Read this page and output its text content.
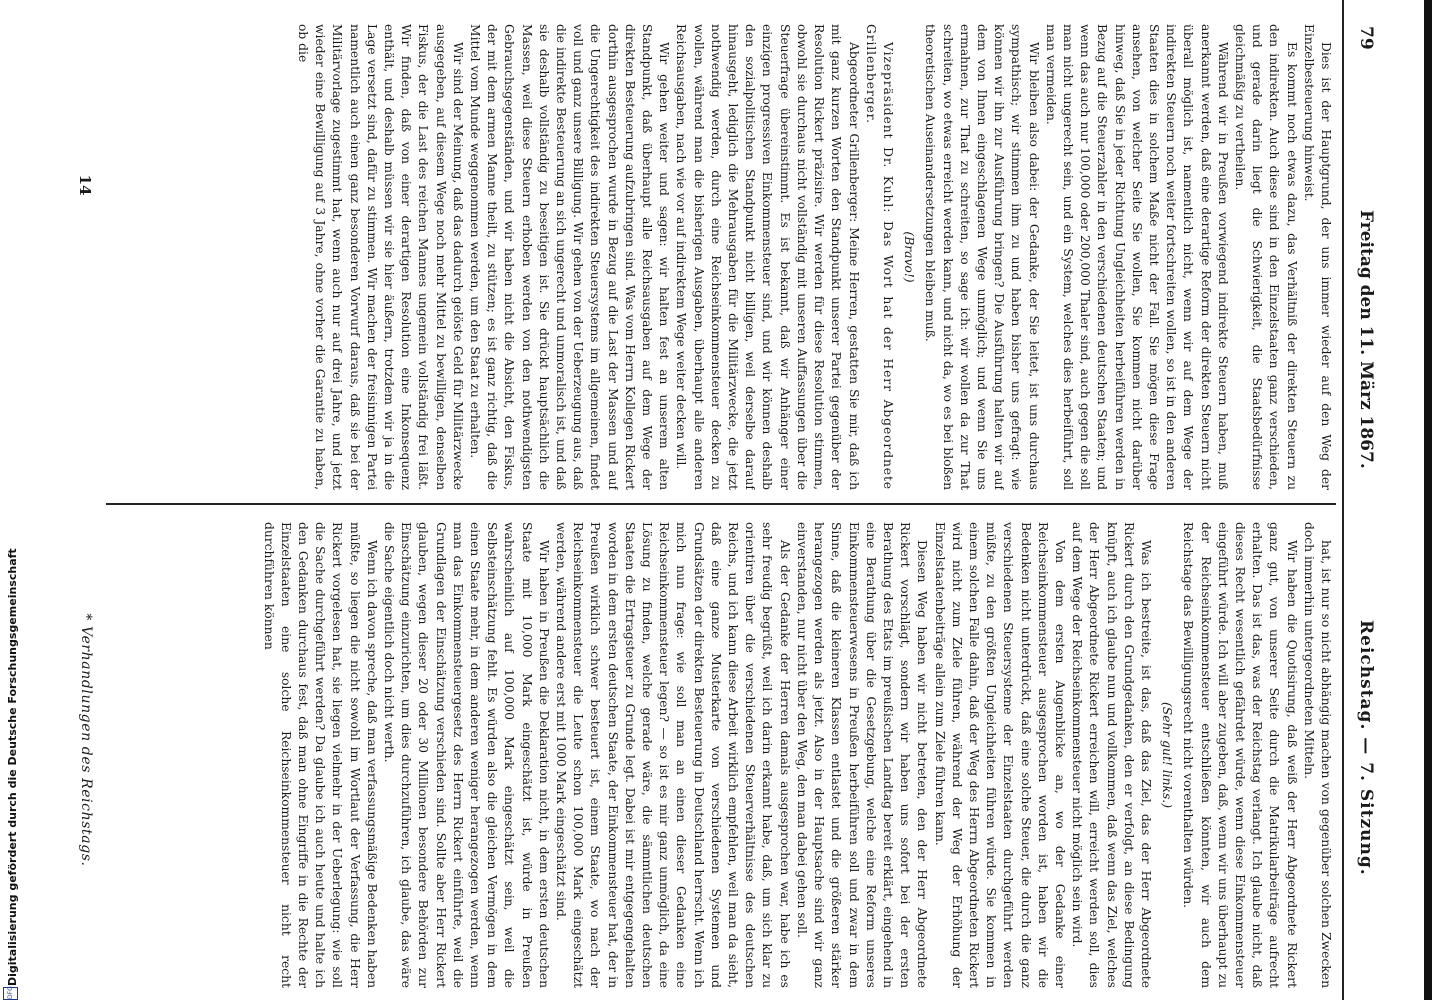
79
Freitag den 11. März 1867.
Reichstag. — 7. Sitzung.

Dies ist der Hauptgrund, der uns immer wieder auf den Weg der Einzelbesteuerung hinweist.

Es kommt noch etwas dazu, das Verhältniß der direkten Steuern zu den indirekten. Auch diese sind in den Einzelstaaten ganz verschieden, und gerade darin liegt die Schwierigkeit, die Staatsbedürfnisse gleichmäßig zu vertheilen.

Während wir in Preußen vorwiegend indirekte Steuern haben, muß anerkannt werden, daß eine derartige Reform der direkten Steuern nicht überall möglich ist, namentlich nicht, wenn wir auf dem Wege der indirekten Steuern noch weiter fortschreiten wollen, so ist in den anderen Staaten dies in solchem Maße nicht der Fall. Sie mögen diese Frage ansehen, von welcher Seite Sie wollen, Sie kommen nicht darüber hinweg, daß Sie in jeder Richtung Ungleichheiten herbeiführen werden in Bezug auf die Steuerzahler in den verschiedenen deutschen Staaten; und wenn das auch nur 100,000 oder 200,000 Thaler sind, auch gegen die soll man nicht ungerecht sein, und ein System, welches dies herbeiführt, soll man vermeiden.

Wir bleiben also dabei: der Gedanke, der Sie leitet, ist uns durchaus sympathisch; wir stimmen ihm zu und haben bisher uns gefragt: wie können wir ihn zur Ausführung bringen? Die Ausführung halten wir auf dem von Ihnen eingeschlagenen Wege unmöglich; und wenn Sie uns ermahnen, zur That zu schreiten, so sage ich: wir wollen da zur That schreiten, wo etwas erreicht werden kann, und nicht da, wo es bei bloßen theoretischen Auseinandersetzungen bleiben muß.

(Bravo!)

Vizepräsident Dr. Kuhl: Das Wort hat der Herr Abgeordnete Grillenberger.

Abgeordneter Grillenberger: Meine Herren, gestatten Sie mir, daß ich mit ganz kurzen Worten den Standpunkt unserer Partei gegenüber der Resolution Rickert präzisire. Wir werden für diese Resolution stimmen, obwohl sie durchaus nicht vollständig mit unseren Auffassungen über die Steuerfrage übereinstimmt. Es ist bekannt, daß wir Anhänger einer einzigen progressiven Einkommensteuer sind, und wir können deshalb den sozialpolitischen Standpunkt nicht billigen, weil derselbe darauf hinausgeht, lediglich die Mehrausgaben für die Militärzwecke, die jetzt nothwendig werden, durch eine Reichseinkommensteuer decken zu wollen, während man die bisherigen Ausgaben, überhaupt alle anderen Reichsausgaben, nach wie vor auf indirektem Wege weiter decken will.

Wir gehen weiter und sagen: wir halten fest an unserem alten Standpunkt, daß überhaupt alle Reichsausgaben auf dem Wege der direkten Besteuerung aufzubringen sind. Was vom Herrn Kollegen Rickert dorthin ausgesprochen wurde in Bezug auf die Last der Massen und auf die Ungerechtigkeit des indirekten Steuersystems im allgemeinen, findet voll und ganz unsere Billigung. Wir gehen von der Ueberzeugung aus, daß die indirekte Besteuerung an sich ungerecht und unmoralisch ist, und daß sie deshalb vollständig zu beseitigen ist. Sie drückt hauptsächlich die Massen, weil diese Steuern erhoben werden von den nothwendigsten Gebrauchsgegenständen, und wir haben nicht die Absicht, den Fiskus, der mit dem armen Manne theilt, zu stützen; es ist ganz richtig, daß die Mittel vom Munde weggenommen werden, um den Staat zu erhalten.

Wir sind der Meinung, daß das dadurch gelöste Geld für Militärzwecke ausgegeben, auf diesem Wege noch mehr Mittel zu bewilligen, denselben Fiskus, der die Last des reichen Mannes ungemein vollständig frei läßt. Wir finden, daß von einer derartigen Resolution eine Inkonsequenz enthält, und deshalb müssen wir sie hier äußern, trotzdem wir ja in die Lage versetzt sind, dafür zu stimmen. Wir machen der freisinnigen Partei namentlich auch einen ganz besonderen Vorwurf daraus, daß sie bei der Militärvorlage zugestimmt hat, wenn auch nur auf drei Jahre, und jetzt wieder eine Bewilligung auf 3 Jahre, ohne vorher die Garantie zu haben, ob die

hat, ist nur so nicht abhängig machen von gegenüber solchen Zwecken doch immerhin untergeordneten Mitteln.

Wir haben die Quotisirung, daß weiß der Herr Abgeordnete Rickert ganz gut, von unserer Seite durch die Matrikularbeiträge aufrecht erhalten. Das ist das, was der Reichstag verlangt. Ich glaube nicht, daß dieses Recht wesentlich gefährdet würde, wenn diese Einkommensteuer eingeführt würde. Ich will aber zugeben, daß, wenn wir uns überhaupt zu der Reichseinkommensteuer entschließen könnten, wir auch dem Reichstage das Bewilligungsrecht nicht vorenthalten würden.

(Sehr gut! links.)

Was ich bestreite, ist das, daß das Ziel, das der Herr Abgeordnete Rickert durch den Grundgedanken, den er verfolgt, an diese Bedingung knüpft, auch ich glaube nun und vollkommen, daß wenn das Ziel, welches der Herr Abgeordnete Rickert erreichen will, erreicht werden soll, dies auf dem Wege der Reichseinkommensteuer nicht möglich sein wird.

Von dem ersten Augenblicke an, wo der Gedanke einer Reichseinkommensteuer ausgesprochen worden ist, haben wir die Bedenken nicht unterdrückt, daß eine solche Steuer, die durch die ganz verschiedenen Steuersysteme der Einzelstaaten durchgeführt werden müßte, zu den größten Ungleichheiten führen würde. Sie kommen in einem solchen Falle dahin, daß der Weg des Herrn Abgeordneten Rickert wird nicht zum Ziele führen, während der Weg der Erhöhung der Einzelstaatenbeiträge allein zum Ziele führen kann.

Diesen Weg haben wir nicht betreten, den der Herr Abgeordnete Rickert vorschlägt, sondern wir haben uns sofort bei der ersten Berathung des Etats im preußischen Landtag bereit erklärt, eingehend in eine Berathung über die Gesetzgebung, welche eine Reform unseres Einkommensteuerwesens in Preußen herbeiführen soll und zwar in dem Sinne, daß die kleineren Klassen entlastet und die größeren stärker herangezogen werden als jetzt. Also in der Hauptsache sind wir ganz einverstanden, nur nicht über den Weg, den man dabei gehen soll.

Als der Gedanke der Herren damals ausgesprochen war, habe ich es sehr freudig begrüßt, weil ich darin erkannt habe, daß, um sich klar zu orientiren über die verschiedenen Steuerverhältnisse des deutschen Reichs, und ich kann diese Arbeit wirklich empfehlen, weil man da sieht, daß eine ganze Musterkarte von verschiedenen Systemen und Grundsätzen der direkten Besteuerung in Deutschland herrscht. Wenn ich mich nun frage: wie soll man an einen dieser Gedanken eine Reichseinkommensteuer legen? — so ist es mir ganz unmöglich, da eine Lösung zu finden, welche gerade wäre, die sämmtlichen deutschen Staaten die Ertragsteuer zu Grunde legt. Dabei ist mir entgegengehalten worden in dem ersten deutschen Staate, der Einkommensteuer hat, der in Preußen wirklich schwer besteuert ist, einem Staate, wo nach der Reichseinkommensteuer die Leute schon 100,000 Mark eingeschätzt werden, während andere erst mit 1000 Mark eingeschätzt sind.

Wir haben in Preußen die Deklaration nicht, in dem ersten deutschen Staate mit 10,000 Mark eingeschätzt ist, würde in Preußen wahrscheinlich auf 100,000 Mark eingeschätzt sein, weil die Selbsteinschätzung fehlt. Es würden also die gleichen Vermögen in dem einen Staate mehr, in dem anderen weniger herangezogen werden, wenn man das Einkommensteuergesetz des Herrn Rickert einführte, weil die Grundlagen der Einschätzung verschieden sind. Sollte aber Herr Rickert glauben, wegen dieser 20 oder 30 Millionen besondere Behörden zur Einschätzung einzurichten, um dies durchzuführen, ich glaube, das wäre die Sache eigentlich doch nicht werth.

Wenn ich davon spreche, daß man verfassungsmäßige Bedenken haben müßte, so liegen die nicht sowohl im Wortlaut der Verfassung, die Herr Rickert vorgelesen hat, sie liegen vielmehr in der Ueberlegung: wie soll die Sache durchgeführt werden? Da glaube ich auch heute und halte ich den Gedanken durchaus fest, daß man ohne Eingriffe in die Rechte der Einzelstaaten eine solche Reichseinkommensteuer nicht recht durchführen können

14
* Verhandlungen des Reichstags.
DFG
Digitalisierung gefördert durch die Deutsche Forschungsgemeinschaft
